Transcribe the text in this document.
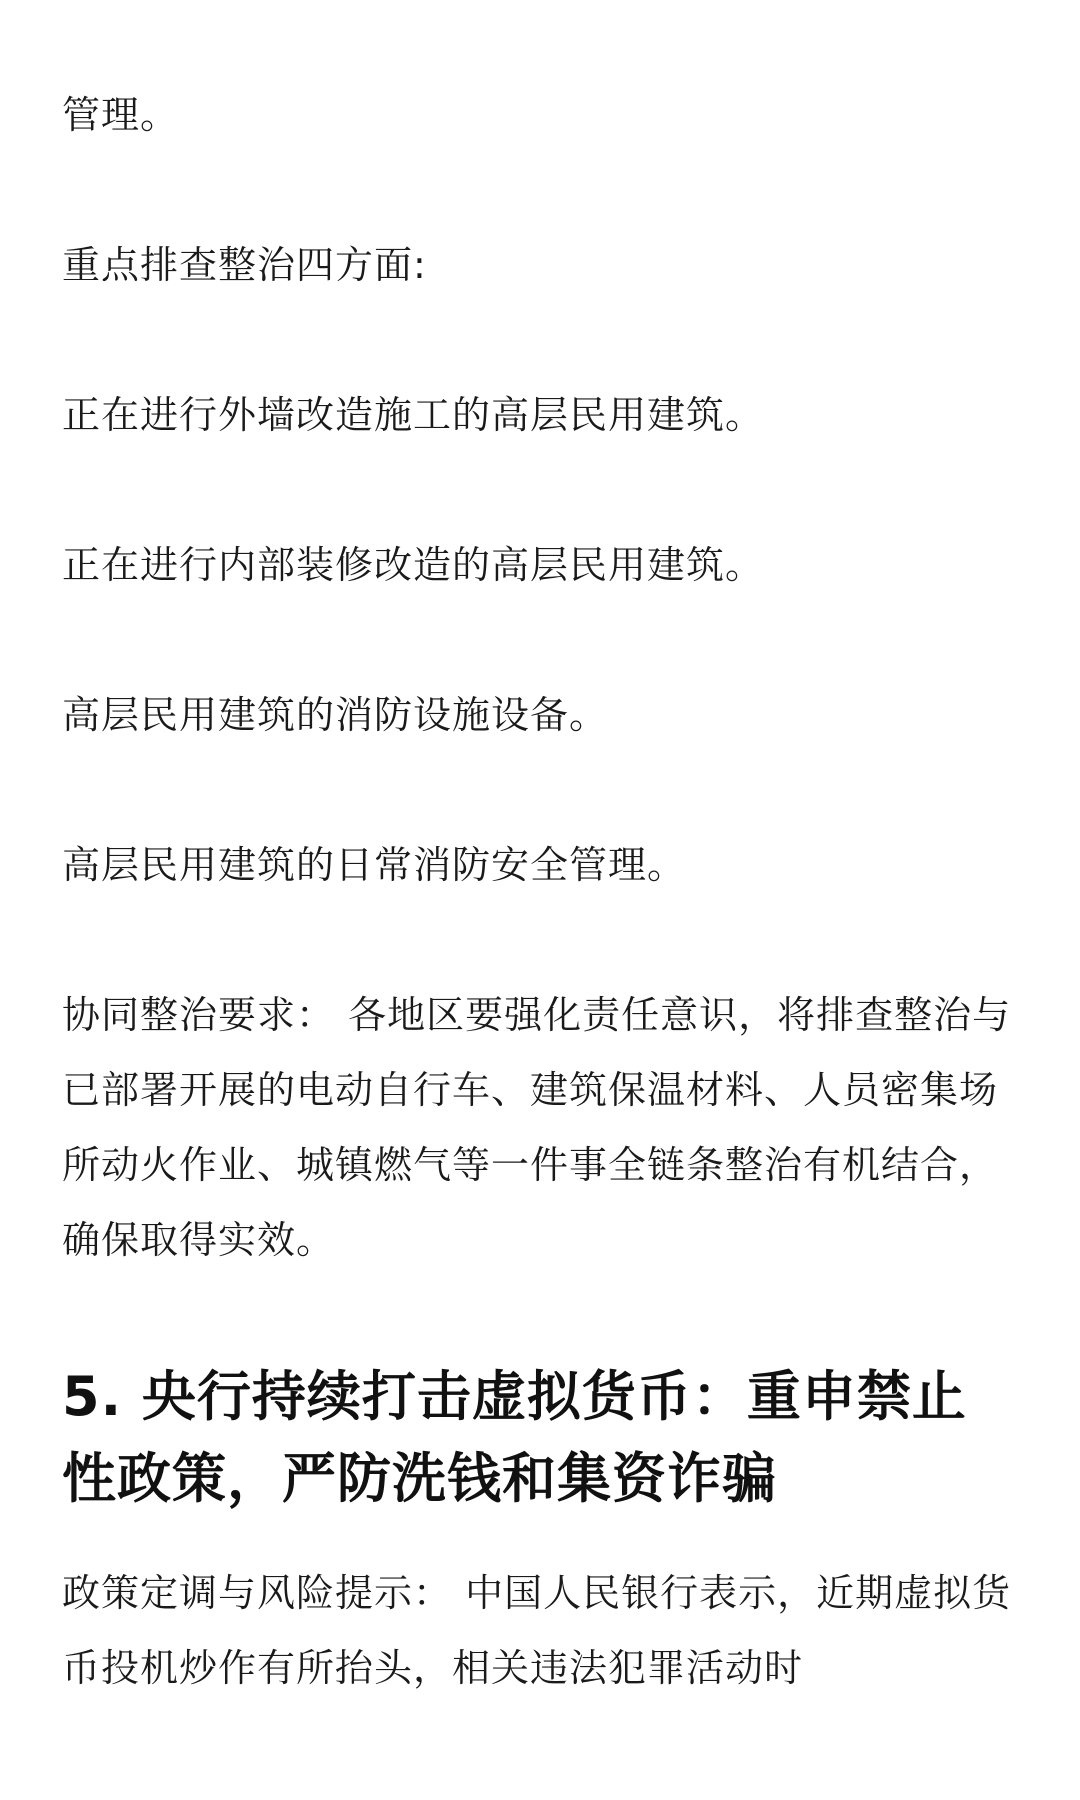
管理。

重点排查整治四方面:

正在进行外墙改造施工的高层民用建筑。

正在进行内部装修改造的高层民用建筑。

高层民用建筑的消防设施设备。

高层民用建筑的日常消防安全管理。

协同整治要求： 各地区要强化责任意识，将排查整治与已部署开展的电动自行车、建筑保温材料、人员密集场所动火作业、城镇燃气等一件事全链条整治有机结合，确保取得实效。

5. 央行持续打击虚拟货币：重申禁止性政策，严防洗钱和集资诈骗

政策定调与风险提示： 中国人民银行表示，近期虚拟货币投机炒作有所抬头，相关违法犯罪活动时
